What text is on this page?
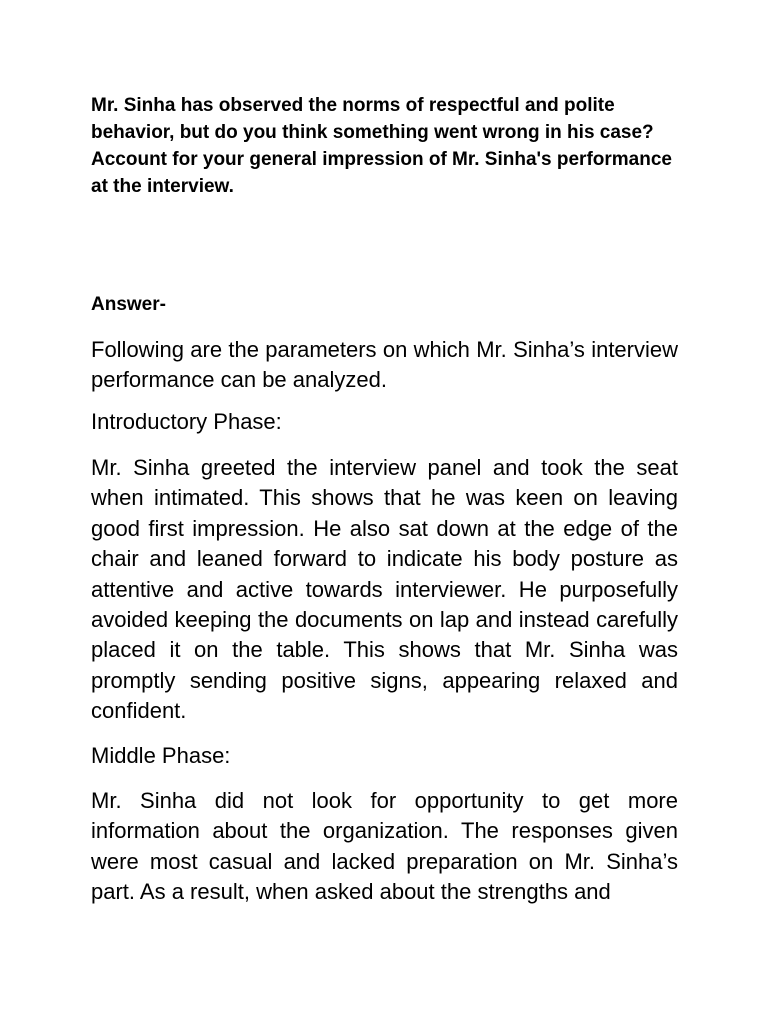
Mr. Sinha has observed the norms of respectful and polite behavior, but do you think something went wrong in his case?

Account for your general impression of Mr. Sinha's performance at the interview.

Answer-

Following are the parameters on which Mr. Sinha’s interview performance can be analyzed.

Introductory Phase:

Mr. Sinha greeted the interview panel and took the seat when intimated. This shows that he was keen on leaving good first impression. He also sat down at the edge of the chair and leaned forward to indicate his body posture as attentive and active towards interviewer. He purposefully avoided keeping the documents on lap and instead carefully placed it on the table. This shows that Mr. Sinha was promptly sending positive signs, appearing relaxed and confident.

Middle Phase:

Mr. Sinha did not look for opportunity to get more information about the organization. The responses given were most casual and lacked preparation on Mr. Sinha’s part. As a result, when asked about the strengths and
